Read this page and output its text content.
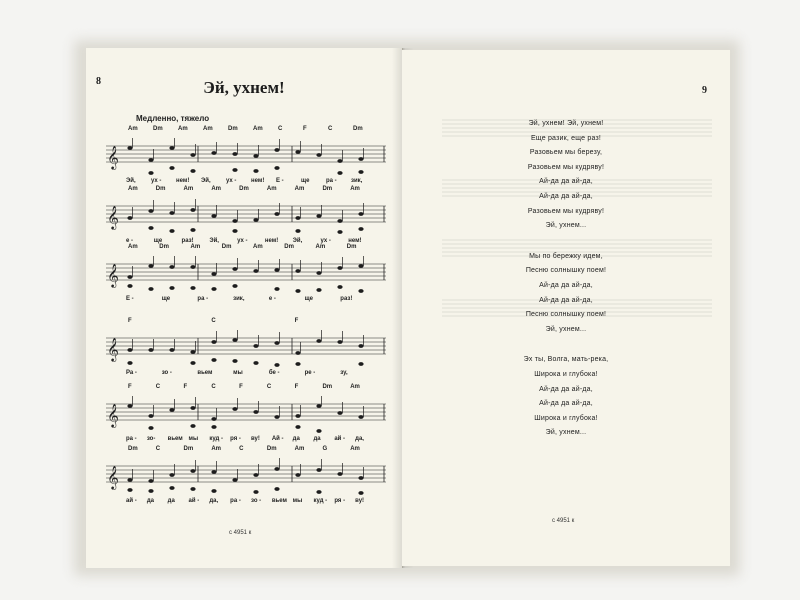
8	Эй, ухнем!
Медленно, тяжело
Am	Dm	Am	Am	Dm	Am	C	F	C	Dm
𝄞
Эй,	ух - нем! Эй,	ух - нем! Е -	ще	ра - зик,
Am	Dm	Am	Am	Dm	Am	Am	Dm	Am
𝄞
е -	ще	раз!	Эй,	ух -	нем! Эй,	ух -	нем!
Am	Dm	Am	Dm	Am	Dm	Am	Dm
𝄞
Е -	ще	ра -	зик,	е -	ще	раз!
F	C	F
𝄞
Ра -	зо -	вьем	мы	бе -	ре -	зу,
F	C	F	C	F	C	F	Dm	Am
𝄞
ра - зо- вьем мы куд - ря - ву! Ай - да да ай - да,
Dm	C	Dm	Am	C	Dm	Am	G	Am
𝄞
ай - да да ай - да, ра - зо - вьем мы куд - ря - ву!
с 4951 к
9
Эй, ухнем! Эй, ухнем!
Еще разик, еще раз!
Разовьем мы березу,
Разовьем мы кудряву!
Ай-да да ай-да,
Ай-да да ай-да,
Разовьем мы кудряву!
Эй, ухнем...
Мы по бережку идем,
Песню солнышку поем!
Ай-да да ай-да,
Ай-да да ай-да,
Песню солнышку поем!
Эй, ухнем...
Эх ты, Волга, мать-река,
Широка и глубока!
Ай-да да ай-да,
Ай-да да ай-да,
Широка и глубока!
Эй, ухнем...
с 4951 к
